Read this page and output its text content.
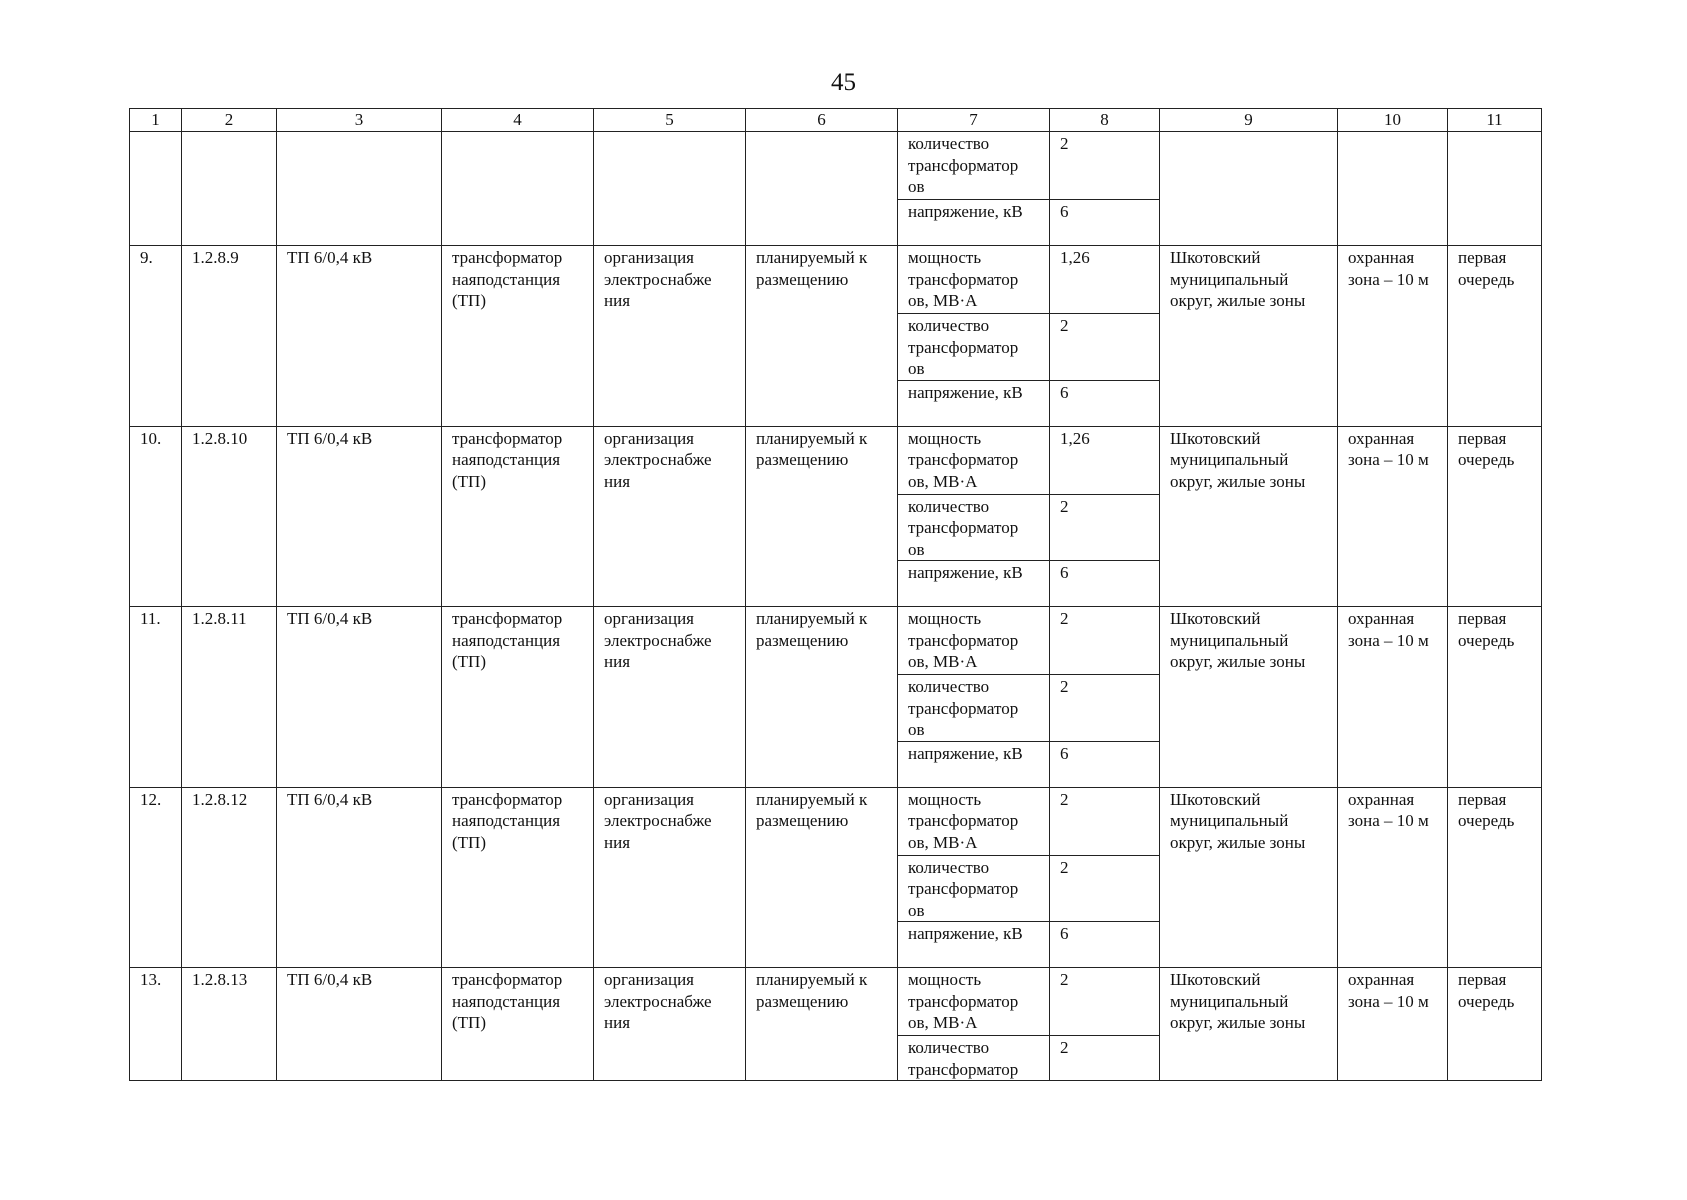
45
1	2	3	4	5	6	7	8	9	10	11
						количество трансформатор ов	2			
						напряжение, кВ	6			
9.	1.2.8.9	ТП 6/0,4 кВ	трансформатор наяподстанция (ТП)	организация электроснабже ния	планируемый к размещению	мощность трансформатор ов, МВ·А	1,26	Шкотовский муниципальный округ, жилые зоны	охранная зона – 10 м	первая очередь
						количество трансформатор ов	2			
						напряжение, кВ	6			
10.	1.2.8.10	ТП 6/0,4 кВ	трансформатор наяподстанция (ТП)	организация электроснабже ния	планируемый к размещению	мощность трансформатор ов, МВ·А	1,26	Шкотовский муниципальный округ, жилые зоны	охранная зона – 10 м	первая очередь
						количество трансформатор ов	2			
						напряжение, кВ	6			
11.	1.2.8.11	ТП 6/0,4 кВ	трансформатор наяподстанция (ТП)	организация электроснабже ния	планируемый к размещению	мощность трансформатор ов, МВ·А	2	Шкотовский муниципальный округ, жилые зоны	охранная зона – 10 м	первая очередь
						количество трансформатор ов	2			
						напряжение, кВ	6			
12.	1.2.8.12	ТП 6/0,4 кВ	трансформатор наяподстанция (ТП)	организация электроснабже ния	планируемый к размещению	мощность трансформатор ов, МВ·А	2	Шкотовский муниципальный округ, жилые зоны	охранная зона – 10 м	первая очередь
						количество трансформатор ов	2			
						напряжение, кВ	6			
13.	1.2.8.13	ТП 6/0,4 кВ	трансформатор наяподстанция (ТП)	организация электроснабже ния	планируемый к размещению	мощность трансформатор ов, МВ·А	2	Шкотовский муниципальный округ, жилые зоны	охранная зона – 10 м	первая очередь
						количество трансформатор	2			
